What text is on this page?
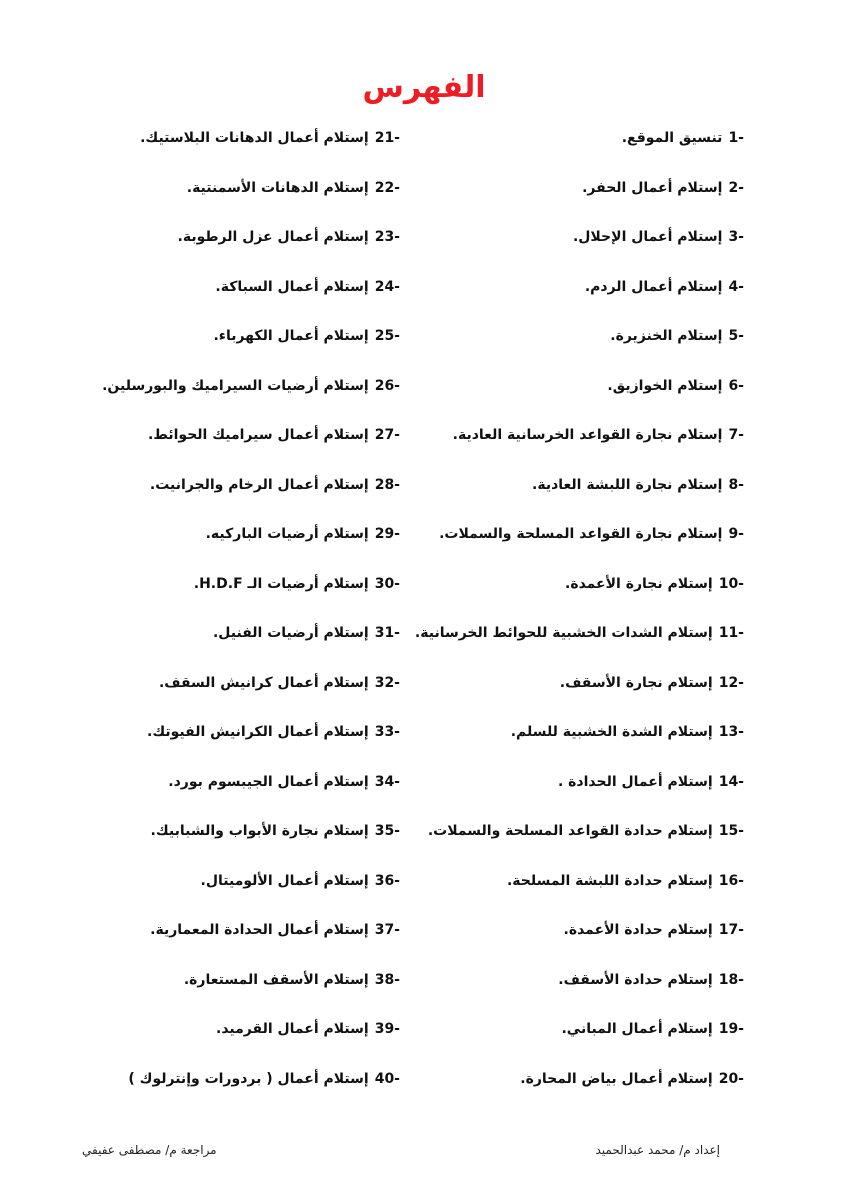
الفهرس
1-
تنسيق الموقع.
2-
إستلام أعمال الحفر.
3-
إستلام أعمال الإحلال.
4-
إستلام أعمال الردم.
5-
إستلام الخنزيرة.
6-
إستلام الخوازيق.
7-
إستلام نجارة القواعد الخرسانية العادية.
8-
إستلام نجارة اللبشة العادية.
9-
إستلام نجارة القواعد المسلحة والسملات.
10-
إستلام نجارة الأعمدة.
11-
إستلام الشدات الخشبية للحوائط الخرسانية.
12-
إستلام نجارة الأسقف.
13-
إستلام الشدة الخشبية للسلم.
14-
إستلام أعمال الحدادة .
15-
إستلام حدادة القواعد المسلحة والسملات.
16-
إستلام حدادة اللبشة المسلحة.
17-
إستلام حدادة الأعمدة.
18-
إستلام حدادة الأسقف.
19-
إستلام أعمال المباني.
20-
إستلام أعمال بياض المحارة.
21-
إستلام أعمال الدهانات البلاستيك.
22-
إستلام الدهانات الأسمنتية.
23-
إستلام أعمال عزل الرطوبة.
24-
إستلام أعمال السباكة.
25-
إستلام أعمال الكهرباء.
26-
إستلام أرضيات السيراميك والبورسلين.
27-
إستلام أعمال سيراميك الحوائط.
28-
إستلام أعمال الرخام والجرانيت.
29-
إستلام أرضيات الباركيه.
30-
إستلام أرضيات الـ H.D.F.
31-
إستلام أرضيات الفنيل.
32-
إستلام أعمال كرانيش السقف.
33-
إستلام أعمال الكرانيش الفيوتك.
34-
إستلام أعمال الجيبسوم بورد.
35-
إستلام نجارة الأبواب والشبابيك.
36-
إستلام أعمال الألوميتال.
37-
إستلام أعمال الحدادة المعمارية.
38-
إستلام الأسقف المستعارة.
39-
إستلام أعمال القرميد.
40-
إستلام أعمال ( بردورات وإنترلوك )
إعداد م/ محمد عبدالحميد
مراجعة م/ مصطفى عفيفي
